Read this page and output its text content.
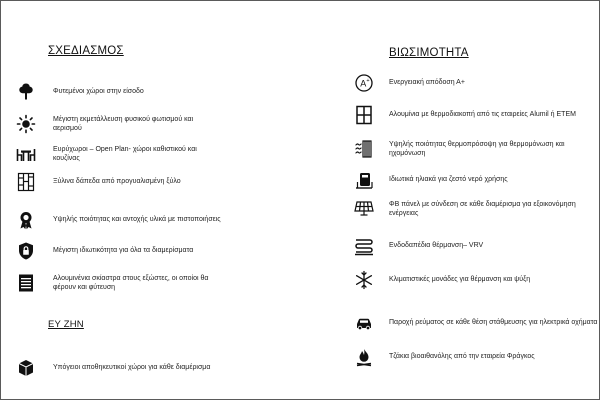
ΣΧΕΔΙΑΣΜΟΣ
Φυτεμένοι χώροι στην είσοδο
Μέγιστη εκμετάλλευση φυσικού φωτισμού και αερισμού
Ευρύχωροι – Open Plan- χώροι καθιστικού και κουζίνας
Ξύλινα δάπεδα από προγυαλισμένη ξύλο
Υψηλής ποιότητας και αντοχής υλικά με πιστοποιήσεις
Μέγιστη ιδιωτικότητα για όλα τα διαμερίσματα
Αλουμινένια σκίαστρα στους εξώστες, οι οποίοι θα φέρουν και φύτευση
ΕΥ ΖΗΝ
Υπόγειοι αποθηκευτικοί χώροι για κάθε διαμέρισμα
ΒΙΩΣΙΜΟΤΗΤΑ
A +	Ενεργειακή απόδοση Α+
Αλουμίνια με θερμοδιακοπή από τις εταιρείες Alumil ή ΕΤΕΜ
Υψηλής ποιότητας θερμοπρόσοψη για θερμομόνωση και ηχομόνωση
Ιδιωτικά ηλιακά για ζεστό νερό χρήσης
ΦΒ πάνελ με σύνδεση σε κάθε διαμέρισμα για εξοικονόμηση ενέργειας
Ενδοδαπέδια θέρμανση– VRV
Κλιματιστικές μονάδες για θέρμανση και ψύξη
Παροχή ρεύματος σε κάθε θέση στάθμευσης για ηλεκτρικά οχήματα
Τζάκια βιοαιθανόλης από την εταιρεία Φράγκος
